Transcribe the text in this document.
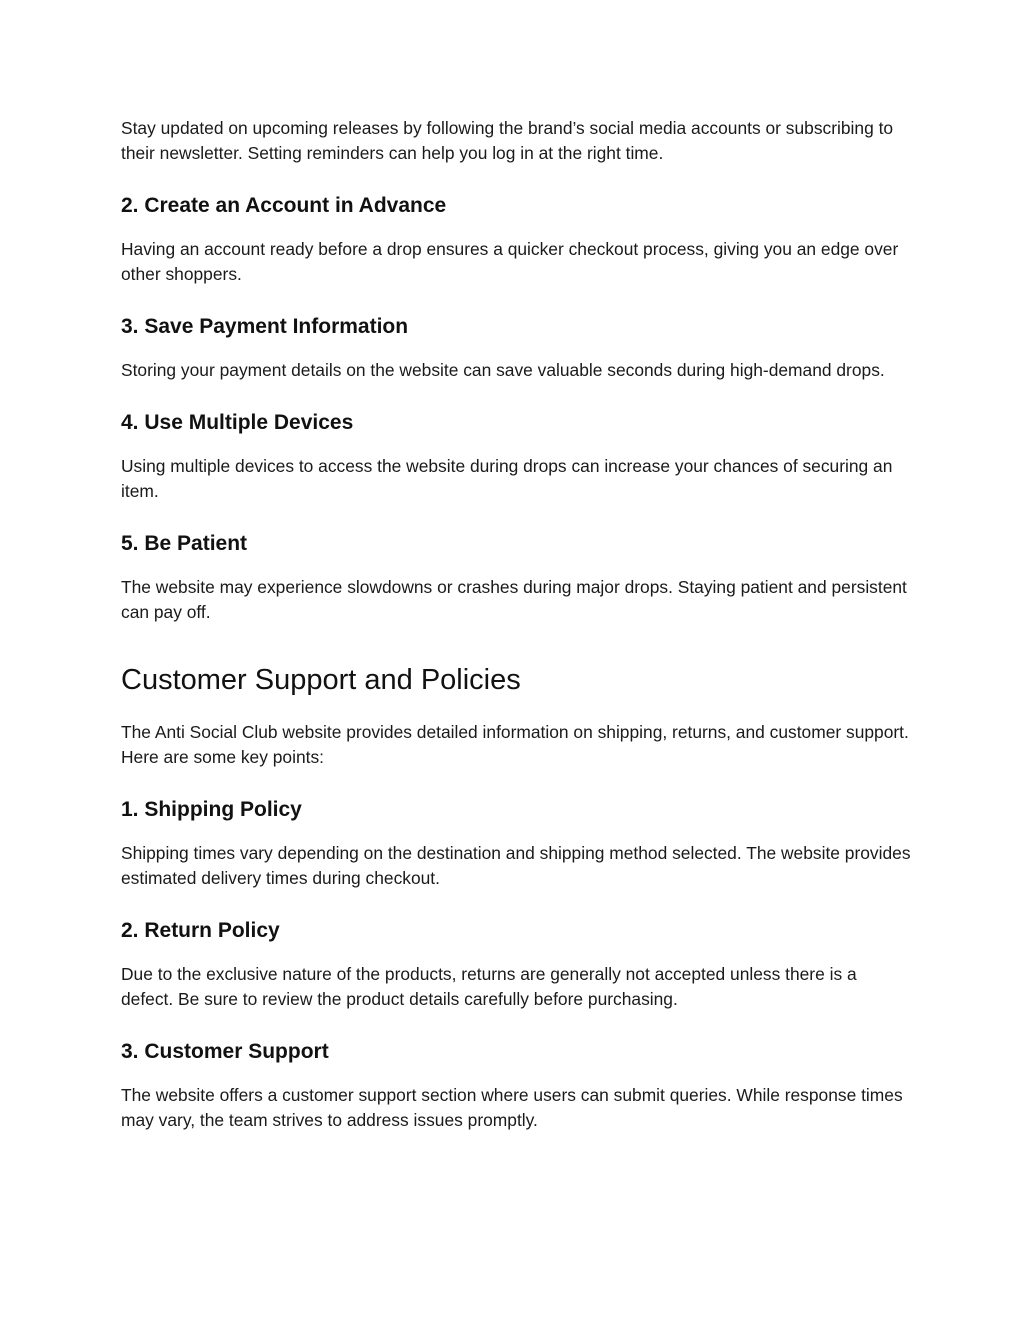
Stay updated on upcoming releases by following the brand’s social media accounts or subscribing to their newsletter. Setting reminders can help you log in at the right time.

2. Create an Account in Advance

Having an account ready before a drop ensures a quicker checkout process, giving you an edge over other shoppers.

3. Save Payment Information

Storing your payment details on the website can save valuable seconds during high-demand drops.

4. Use Multiple Devices

Using multiple devices to access the website during drops can increase your chances of securing an item.

5. Be Patient

The website may experience slowdowns or crashes during major drops. Staying patient and persistent can pay off.

Customer Support and Policies

The Anti Social Club website provides detailed information on shipping, returns, and customer support. Here are some key points:

1. Shipping Policy

Shipping times vary depending on the destination and shipping method selected. The website provides estimated delivery times during checkout.

2. Return Policy

Due to the exclusive nature of the products, returns are generally not accepted unless there is a defect. Be sure to review the product details carefully before purchasing.

3. Customer Support

The website offers a customer support section where users can submit queries. While response times may vary, the team strives to address issues promptly.
